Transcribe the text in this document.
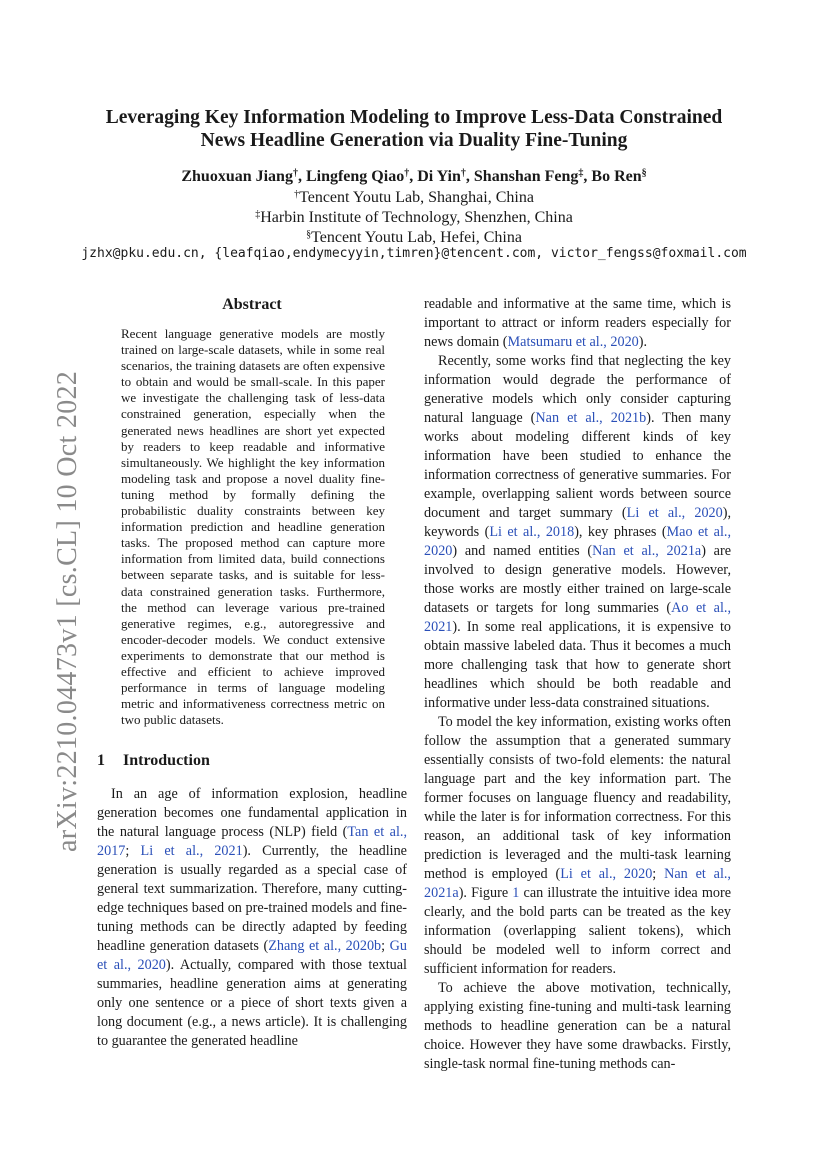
arXiv:2210.04473v1 [cs.CL] 10 Oct 2022
Leveraging Key Information Modeling to Improve Less-Data Constrained
News Headline Generation via Duality Fine-Tuning
Zhuoxuan Jiang†, Lingfeng Qiao†, Di Yin†, Shanshan Feng‡, Bo Ren§
†Tencent Youtu Lab, Shanghai, China
‡Harbin Institute of Technology, Shenzhen, China
§Tencent Youtu Lab, Hefei, China
jzhx@pku.edu.cn, {leafqiao,endymecyyin,timren}@tencent.com, victor_fengss@foxmail.com
Abstract
Recent language generative models are mostly trained on large-scale datasets, while in some real scenarios, the training datasets are often expensive to obtain and would be small-scale. In this paper we investigate the challenging task of less-data constrained generation, especially when the generated news headlines are short yet expected by readers to keep readable and informative simultaneously. We highlight the key information modeling task and propose a novel duality fine-tuning method by formally defining the probabilistic duality constraints between key information prediction and headline generation tasks. The proposed method can capture more information from limited data, build connections between separate tasks, and is suitable for less-data constrained generation tasks. Furthermore, the method can leverage various pre-trained generative regimes, e.g., autoregressive and encoder-decoder models. We conduct extensive experiments to demonstrate that our method is effective and efficient to achieve improved performance in terms of language modeling metric and informativeness correctness metric on two public datasets.
1 Introduction

In an age of information explosion, headline generation becomes one fundamental application in the natural language process (NLP) field (Tan et al., 2017; Li et al., 2021). Currently, the headline generation is usually regarded as a special case of general text summarization. Therefore, many cutting-edge techniques based on pre-trained models and fine-tuning methods can be directly adapted by feeding headline generation datasets (Zhang et al., 2020b; Gu et al., 2020). Actually, compared with those textual summaries, headline generation aims at generating only one sentence or a piece of short texts given a long document (e.g., a news article). It is challenging to guarantee the generated headline

readable and informative at the same time, which is important to attract or inform readers especially for news domain (Matsumaru et al., 2020).

Recently, some works find that neglecting the key information would degrade the performance of generative models which only consider capturing natural language (Nan et al., 2021b). Then many works about modeling different kinds of key information have been studied to enhance the information correctness of generative summaries. For example, overlapping salient words between source document and target summary (Li et al., 2020), keywords (Li et al., 2018), key phrases (Mao et al., 2020) and named entities (Nan et al., 2021a) are involved to design generative models. However, those works are mostly either trained on large-scale datasets or targets for long summaries (Ao et al., 2021). In some real applications, it is expensive to obtain massive labeled data. Thus it becomes a much more challenging task that how to generate short headlines which should be both readable and informative under less-data constrained situations.

To model the key information, existing works often follow the assumption that a generated summary essentially consists of two-fold elements: the natural language part and the key information part. The former focuses on language fluency and readability, while the later is for information correctness. For this reason, an additional task of key information prediction is leveraged and the multi-task learning method is employed (Li et al., 2020; Nan et al., 2021a). Figure 1 can illustrate the intuitive idea more clearly, and the bold parts can be treated as the key information (overlapping salient tokens), which should be modeled well to inform correct and sufficient information for readers.

To achieve the above motivation, technically, applying existing fine-tuning and multi-task learning methods to headline generation can be a natural choice. However they have some drawbacks. Firstly, single-task normal fine-tuning methods can-
